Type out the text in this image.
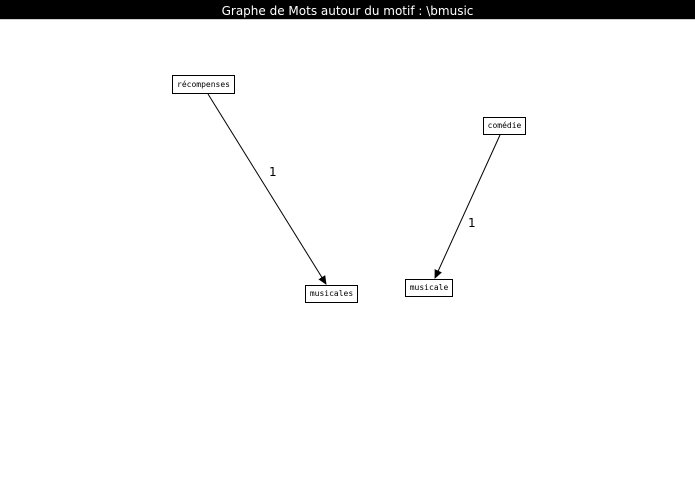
Graphe de Mots autour du motif : \bmusic
récompenses
comédie
musicales
musicale
1
1
